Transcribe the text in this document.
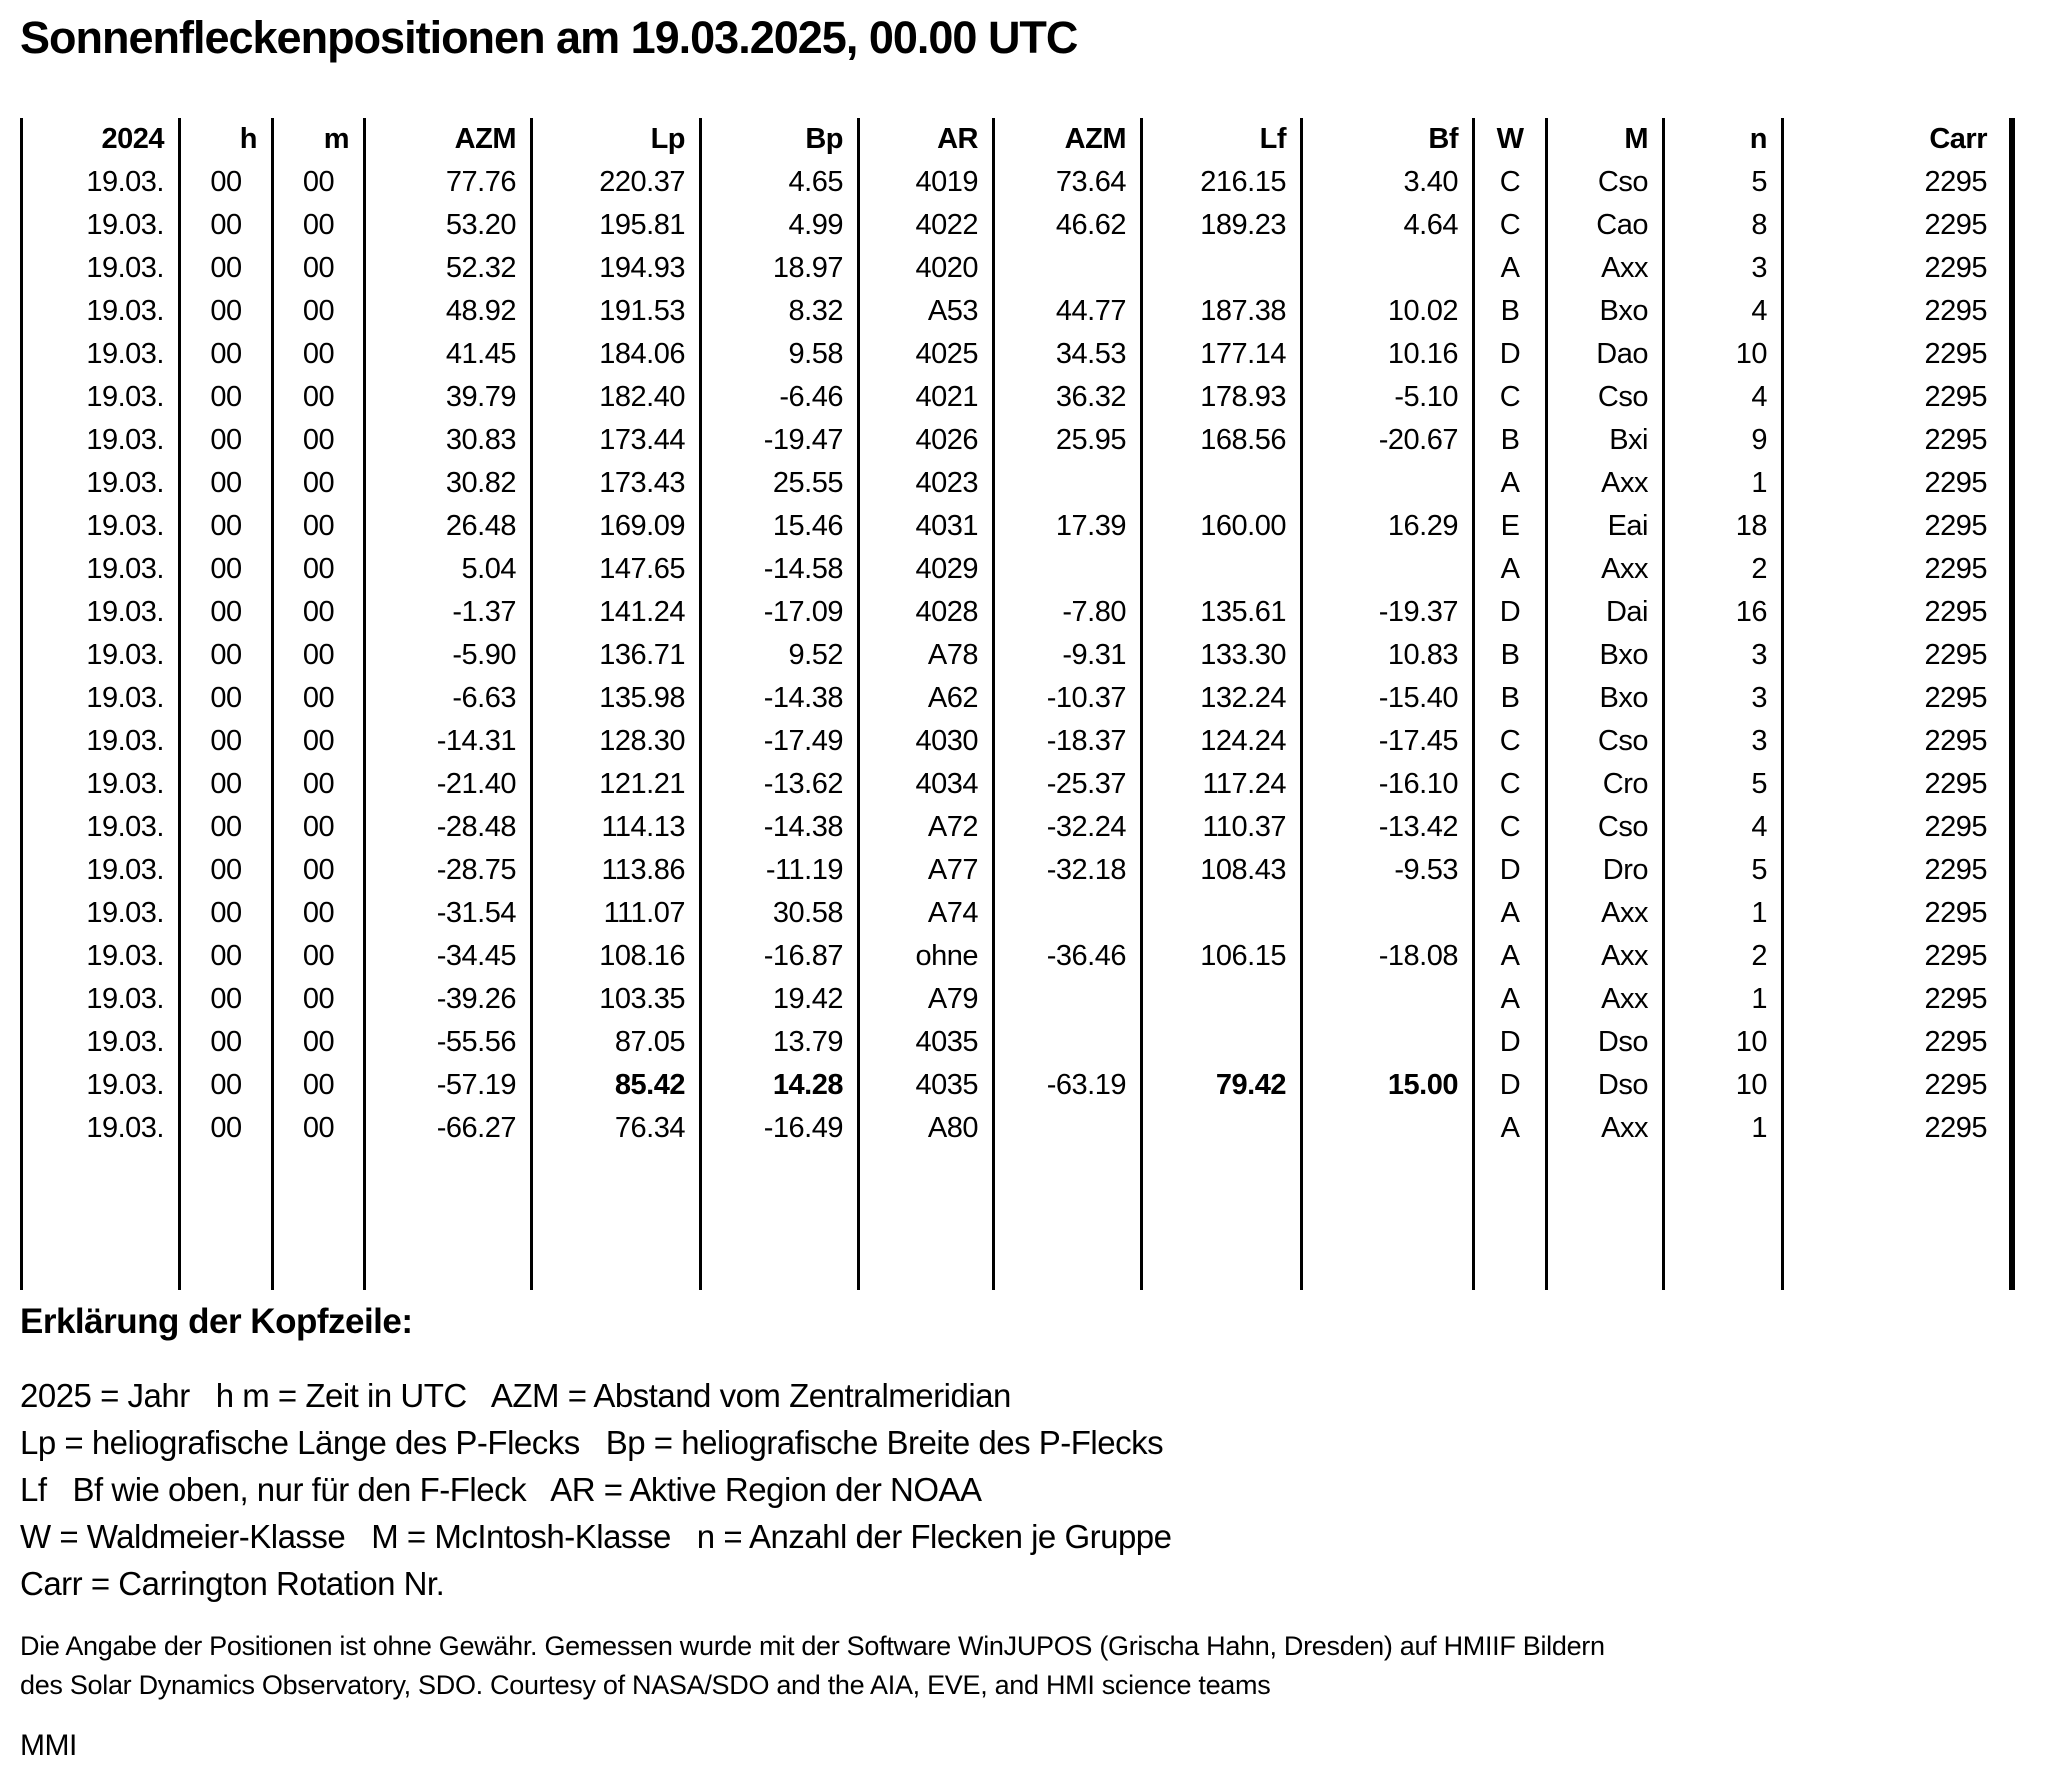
Sonnenfleckenpositionen am 19.03.2025, 00.00 UTC
2024	h	m	AZM	Lp	Bp	AR	AZM	Lf	Bf	W	M	n	Carr
19.03.	00	00	77.76	220.37	4.65	4019	73.64	216.15	3.40	C	Cso	5	2295
19.03.	00	00	53.20	195.81	4.99	4022	46.62	189.23	4.64	C	Cao	8	2295
19.03.	00	00	52.32	194.93	18.97	4020				A	Axx	3	2295
19.03.	00	00	48.92	191.53	8.32	A53	44.77	187.38	10.02	B	Bxo	4	2295
19.03.	00	00	41.45	184.06	9.58	4025	34.53	177.14	10.16	D	Dao	10	2295
19.03.	00	00	39.79	182.40	-6.46	4021	36.32	178.93	-5.10	C	Cso	4	2295
19.03.	00	00	30.83	173.44	-19.47	4026	25.95	168.56	-20.67	B	Bxi	9	2295
19.03.	00	00	30.82	173.43	25.55	4023				A	Axx	1	2295
19.03.	00	00	26.48	169.09	15.46	4031	17.39	160.00	16.29	E	Eai	18	2295
19.03.	00	00	5.04	147.65	-14.58	4029				A	Axx	2	2295
19.03.	00	00	-1.37	141.24	-17.09	4028	-7.80	135.61	-19.37	D	Dai	16	2295
19.03.	00	00	-5.90	136.71	9.52	A78	-9.31	133.30	10.83	B	Bxo	3	2295
19.03.	00	00	-6.63	135.98	-14.38	A62	-10.37	132.24	-15.40	B	Bxo	3	2295
19.03.	00	00	-14.31	128.30	-17.49	4030	-18.37	124.24	-17.45	C	Cso	3	2295
19.03.	00	00	-21.40	121.21	-13.62	4034	-25.37	117.24	-16.10	C	Cro	5	2295
19.03.	00	00	-28.48	114.13	-14.38	A72	-32.24	110.37	-13.42	C	Cso	4	2295
19.03.	00	00	-28.75	113.86	-11.19	A77	-32.18	108.43	-9.53	D	Dro	5	2295
19.03.	00	00	-31.54	111.07	30.58	A74				A	Axx	1	2295
19.03.	00	00	-34.45	108.16	-16.87	ohne	-36.46	106.15	-18.08	A	Axx	2	2295
19.03.	00	00	-39.26	103.35	19.42	A79				A	Axx	1	2295
19.03.	00	00	-55.56	87.05	13.79	4035				D	Dso	10	2295
19.03.	00	00	-57.19	85.42	14.28	4035	-63.19	79.42	15.00	D	Dso	10	2295
19.03.	00	00	-66.27	76.34	-16.49	A80				A	Axx	1	2295

Erklärung der Kopfzeile:
2025 = Jahr   h m = Zeit in UTC   AZM = Abstand vom Zentralmeridian
Lp = heliografische Länge des P-Flecks   Bp = heliografische Breite des P-Flecks
Lf   Bf wie oben, nur für den F-Fleck   AR = Aktive Region der NOAA
W = Waldmeier-Klasse   M = McIntosh-Klasse   n = Anzahl der Flecken je Gruppe
Carr = Carrington Rotation Nr.
Die Angabe der Positionen ist ohne Gewähr. Gemessen wurde mit der Software WinJUPOS (Grischa Hahn, Dresden) auf HMIIF Bildern
des Solar Dynamics Observatory, SDO. Courtesy of NASA/SDO and the AIA, EVE, and HMI science teams
MMI
